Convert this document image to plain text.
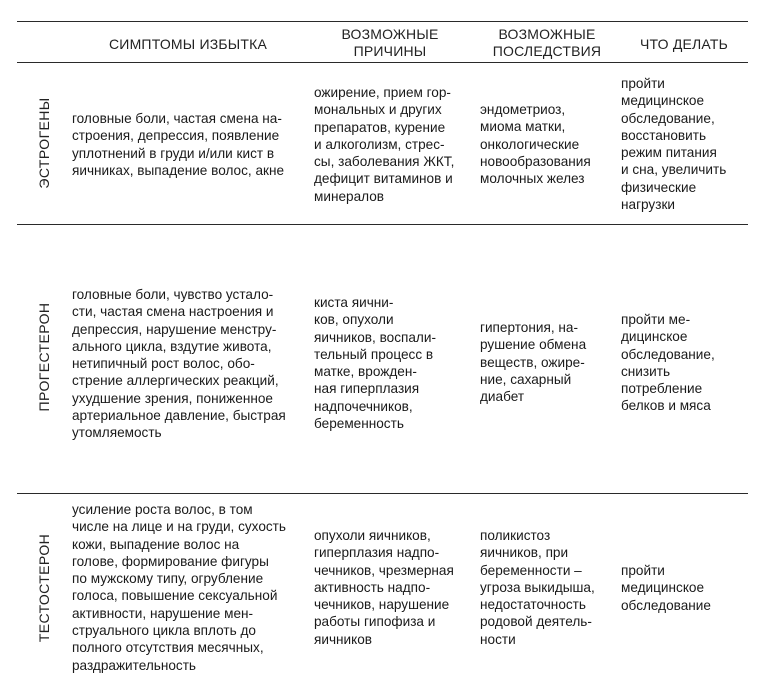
СИМПТОМЫ ИЗБЫТКА
ВОЗМОЖНЫЕ
ПРИЧИНЫ
ВОЗМОЖНЫЕ
ПОСЛЕДСТВИЯ	ЧТО ДЕЛАТЬ
ЭСТРОГЕНЫ головные боли, частая смена на-
строения, депрессия, появление
уплотнений в груди и/или кист в
яичниках, выпадение волос, акне
ожирение, прием гор-
мональных и других
препаратов, курение
и алкоголизм, стрес-
сы, заболевания ЖКТ,
дефицит витаминов и
минералов
эндометриоз,
миома матки,
онкологические
новообразования
молочных желез
пройти
медицинское
обследование,
восстановить
режим питания
и сна, увеличить
физические
нагрузки
ПРОГЕСТЕРОН
головные боли, чувство устало-
сти, частая смена настроения и
депрессия, нарушение менстру-
ального цикла, вздутие живота,
нетипичный рост волос, обо-
стрение аллергических реакций,
ухудшение зрения, пониженное
артериальное давление, быстрая
утомляемость
киста яични-
ков, опухоли
яичников, воспали-
тельный процесс в
матке, врожден-
ная гиперплазия
надпочечников,
беременность
гипертония, на-
рушение обмена
веществ, ожире-
ние, сахарный
диабет
пройти ме-
дицинское
обследование,
снизить
потребление
белков и мяса
ТЕСТОСТЕРОН
усиление роста волос, в том
числе на лице и на груди, сухость
кожи, выпадение волос на
голове, формирование фигуры
по мужскому типу, огрубление
голоса, повышение сексуальной
активности, нарушение мен-
струального цикла вплоть до
полного отсутствия месячных,
раздражительность
опухоли яичников,
гиперплазия надпо-
чечников, чрезмерная
активность надпо-
чечников, нарушение
работы гипофиза и
яичников
поликистоз
яичников, при
беременности –
угроза выкидыша,
недостаточность
родовой деятель-
ности
пройти
медицинское
обследование
